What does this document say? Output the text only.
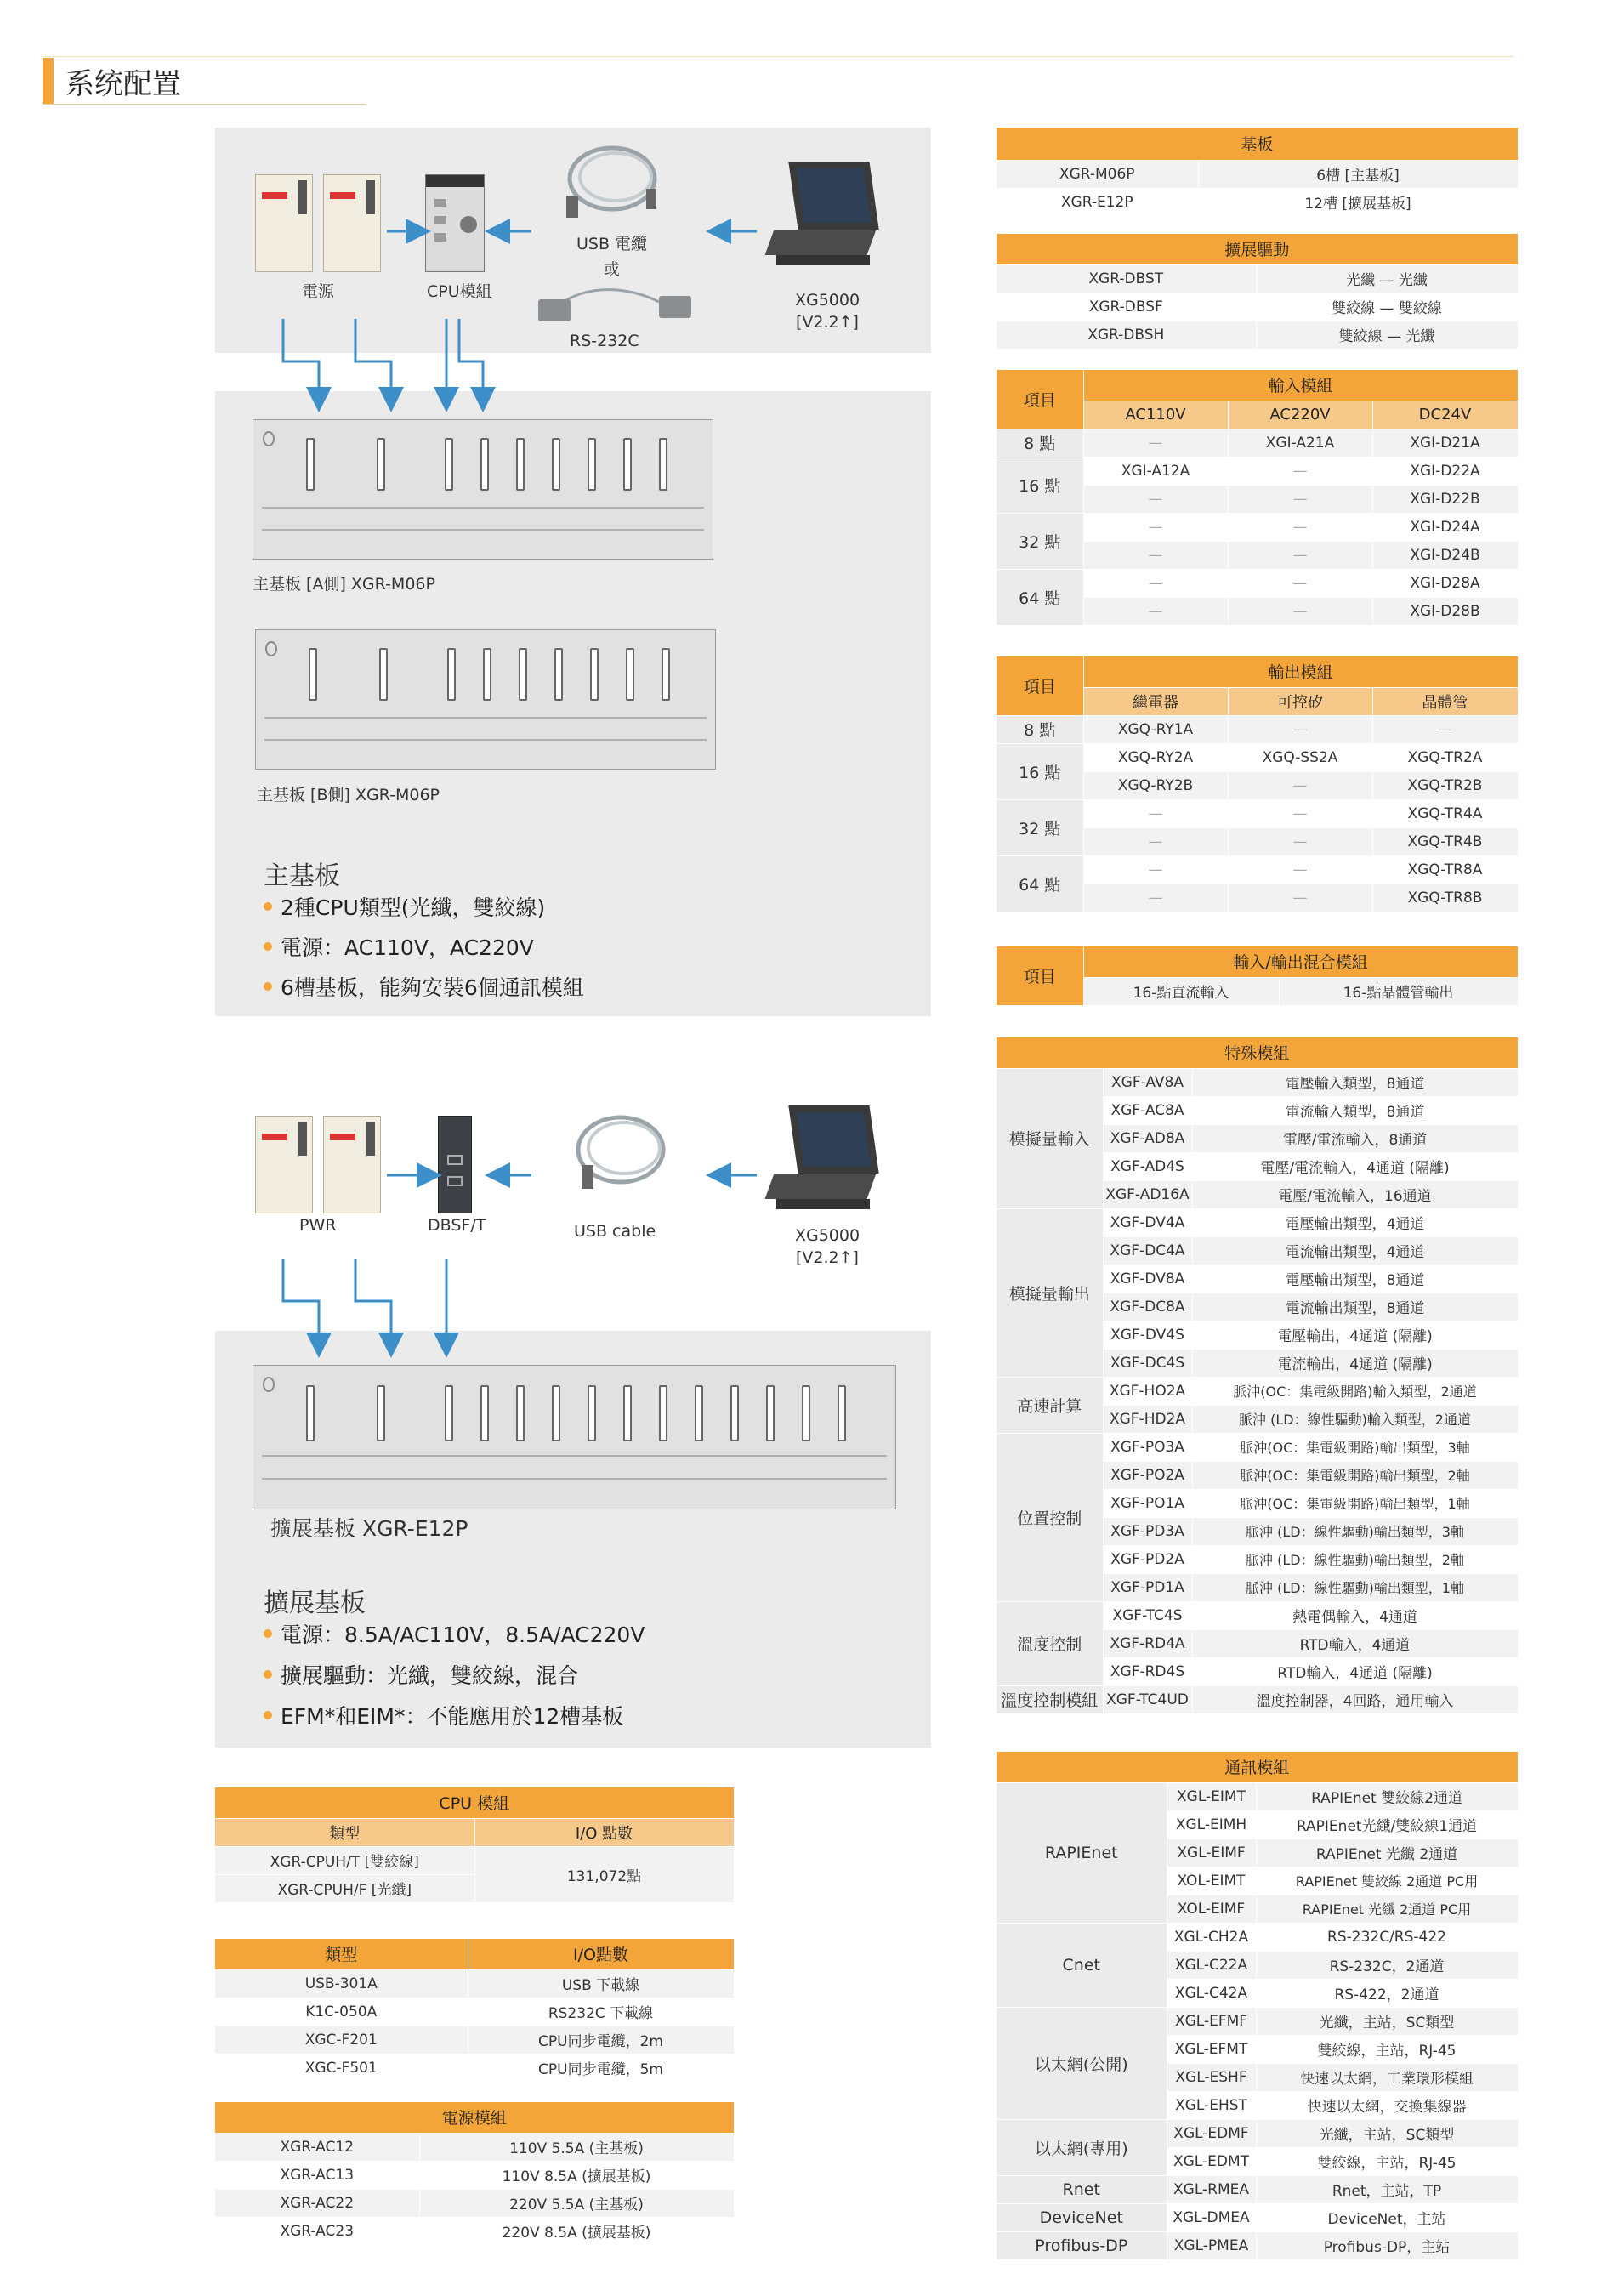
系统配置
電源	CPU模組
USB 電纜
或
RS-232C
XG5000
[V2.2↑]
主基板 [A側] XGR-M06P
主基板 [B側] XGR-M06P
主基板
2種CPU類型(光纖，雙絞線)
電源：AC110V，AC220V
6槽基板，能夠安裝6個通訊模組
PWR	DBSF/T	USB cable	XG5000
[V2.2↑]
擴展基板 XGR-E12P
擴展基板
電源：8.5A/AC110V，8.5A/AC220V
擴展驅動：光纖，雙絞線，混合
EFM*和EIM*：不能應用於12槽基板
基板	
XGR-M06P	6槽 [主基板]
XGR-E12P	12槽 [擴展基板]
擴展驅動	
XGR-DBST	光纖 — 光纖
XGR-DBSF	雙絞線 — 雙絞線
XGR-DBSH	雙絞線 — 光纖
項目	輸入模組		
	AC110V	AC220V	DC24V
8 點	—	XGI-A21A	XGI-D21A
16 點	XGI-A12A	—	XGI-D22A
	—	—	XGI-D22B
32 點	—	—	XGI-D24A
	—	—	XGI-D24B
64 點	—	—	XGI-D28A
	—	—	XGI-D28B
項目	輸出模組		
	繼電器	可控矽	晶體管
8 點	XGQ-RY1A	—	—
16 點	XGQ-RY2A	XGQ-SS2A	XGQ-TR2A
	XGQ-RY2B	—	XGQ-TR2B
32 點	—	—	XGQ-TR4A
	—	—	XGQ-TR4B
64 點	—	—	XGQ-TR8A
	—	—	XGQ-TR8B
項目	輸入/輸出混合模組	
	16-點直流輸入	16-點晶體管輸出
特殊模組		
模擬量輸入	XGF-AV8A	電壓輸入類型，8通道
	XGF-AC8A	電流輸入類型，8通道
	XGF-AD8A	電壓/電流輸入，8通道
	XGF-AD4S	電壓/電流輸入，4通道 (隔離)
	XGF-AD16A	電壓/電流輸入，16通道
模擬量輸出	XGF-DV4A	電壓輸出類型，4通道
	XGF-DC4A	電流輸出類型，4通道
	XGF-DV8A	電壓輸出類型，8通道
	XGF-DC8A	電流輸出類型，8通道
	XGF-DV4S	電壓輸出，4通道 (隔離)
	XGF-DC4S	電流輸出，4通道 (隔離)
高速計算	XGF-HO2A	脈沖(OC：集電級開路)輸入類型，2通道
	XGF-HD2A	脈沖 (LD：線性驅動)輸入類型，2通道
位置控制	XGF-PO3A	脈沖(OC：集電級開路)輸出類型，3軸
	XGF-PO2A	脈沖(OC：集電級開路)輸出類型，2軸
	XGF-PO1A	脈沖(OC：集電級開路)輸出類型，1軸
	XGF-PD3A	脈沖 (LD：線性驅動)輸出類型，3軸
	XGF-PD2A	脈沖 (LD：線性驅動)輸出類型，2軸
	XGF-PD1A	脈沖 (LD：線性驅動)輸出類型，1軸
溫度控制	XGF-TC4S	熱電偶輸入，4通道
	XGF-RD4A	RTD輸入，4通道
	XGF-RD4S	RTD輸入，4通道 (隔離)
溫度控制模組	XGF-TC4UD	溫度控制器，4回路，通用輸入
通訊模組		
RAPIEnet	XGL-EIMT	RAPIEnet 雙絞線2通道
	XGL-EIMH	RAPIEnet光纖/雙絞線1通道
	XGL-EIMF	RAPIEnet 光纖 2通道
	XOL-EIMT	RAPIEnet 雙絞線 2通道 PC用
	XOL-EIMF	RAPIEnet 光纖 2通道 PC用
Cnet	XGL-CH2A	RS-232C/RS-422
	XGL-C22A	RS-232C，2通道
	XGL-C42A	RS-422，2通道
以太網(公開)	XGL-EFMF	光纖，主站，SC類型
	XGL-EFMT	雙絞線，主站，RJ-45
	XGL-ESHF	快速以太網，工業環形模組
	XGL-EHST	快速以太網，交換集線器
以太網(專用)	XGL-EDMF	光纖，主站，SC類型
	XGL-EDMT	雙絞線，主站，RJ-45
Rnet	XGL-RMEA	Rnet，主站，TP
DeviceNet	XGL-DMEA	DeviceNet，主站
Profibus-DP	XGL-PMEA	Profibus-DP，主站
CPU 模組	
類型	I/O 點數
XGR-CPUH/T [雙絞線]	131,072點
XGR-CPUH/F [光纖]	
類型	I/O點數
USB-301A	USB 下載線
K1C-050A	RS232C 下載線
XGC-F201	CPU同步電纜，2m
XGC-F501	CPU同步電纜，5m
電源模組	
XGR-AC12	110V 5.5A (主基板)
XGR-AC13	110V 8.5A (擴展基板)
XGR-AC22	220V 5.5A (主基板)
XGR-AC23	220V 8.5A (擴展基板)
